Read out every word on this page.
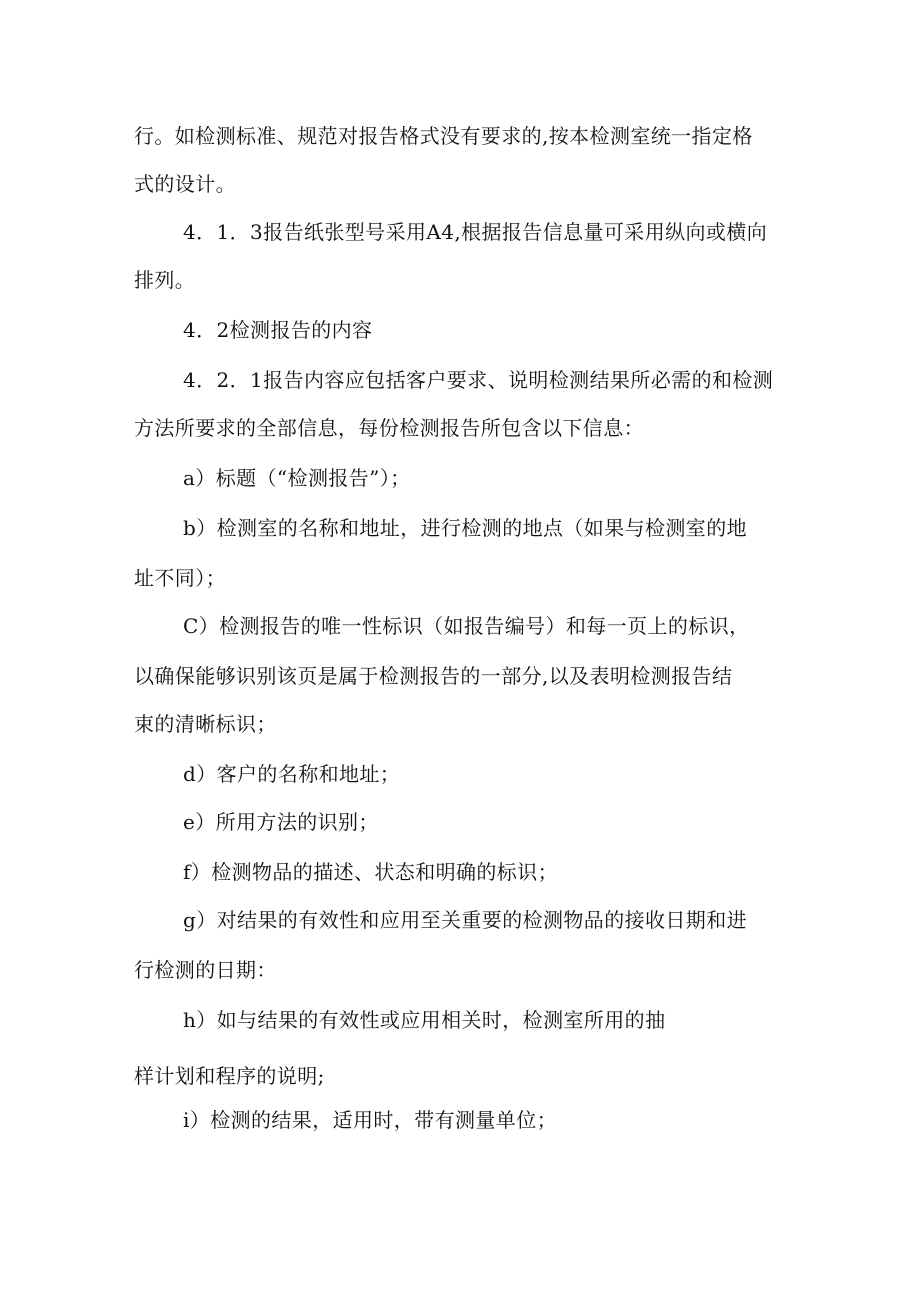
行。如检测标准、规范对报告格式没有要求的,按本检测室统一指定格
式的设计。
4．1．3报告纸张型号采用A4,根据报告信息量可采用纵向或横向
排列。
4．2检测报告的内容
4．2．1报告内容应包括客户要求、说明检测结果所必需的和检测
方法所要求的全部信息，每份检测报告所包含以下信息：
a）标题（“检测报告”）；
b）检测室的名称和地址，进行检测的地点（如果与检测室的地
址不同）；
C）检测报告的唯一性标识（如报告编号）和每一页上的标识，
以确保能够识别该页是属于检测报告的一部分,以及表明检测报告结
束的清晰标识；
d）客户的名称和地址；
e）所用方法的识别；
f）检测物品的描述、状态和明确的标识；
g）对结果的有效性和应用至关重要的检测物品的接收日期和进
行检测的日期：
h）如与结果的有效性或应用相关时，检测室所用的抽
样计划和程序的说明;
i）检测的结果，适用时，带有测量单位；
